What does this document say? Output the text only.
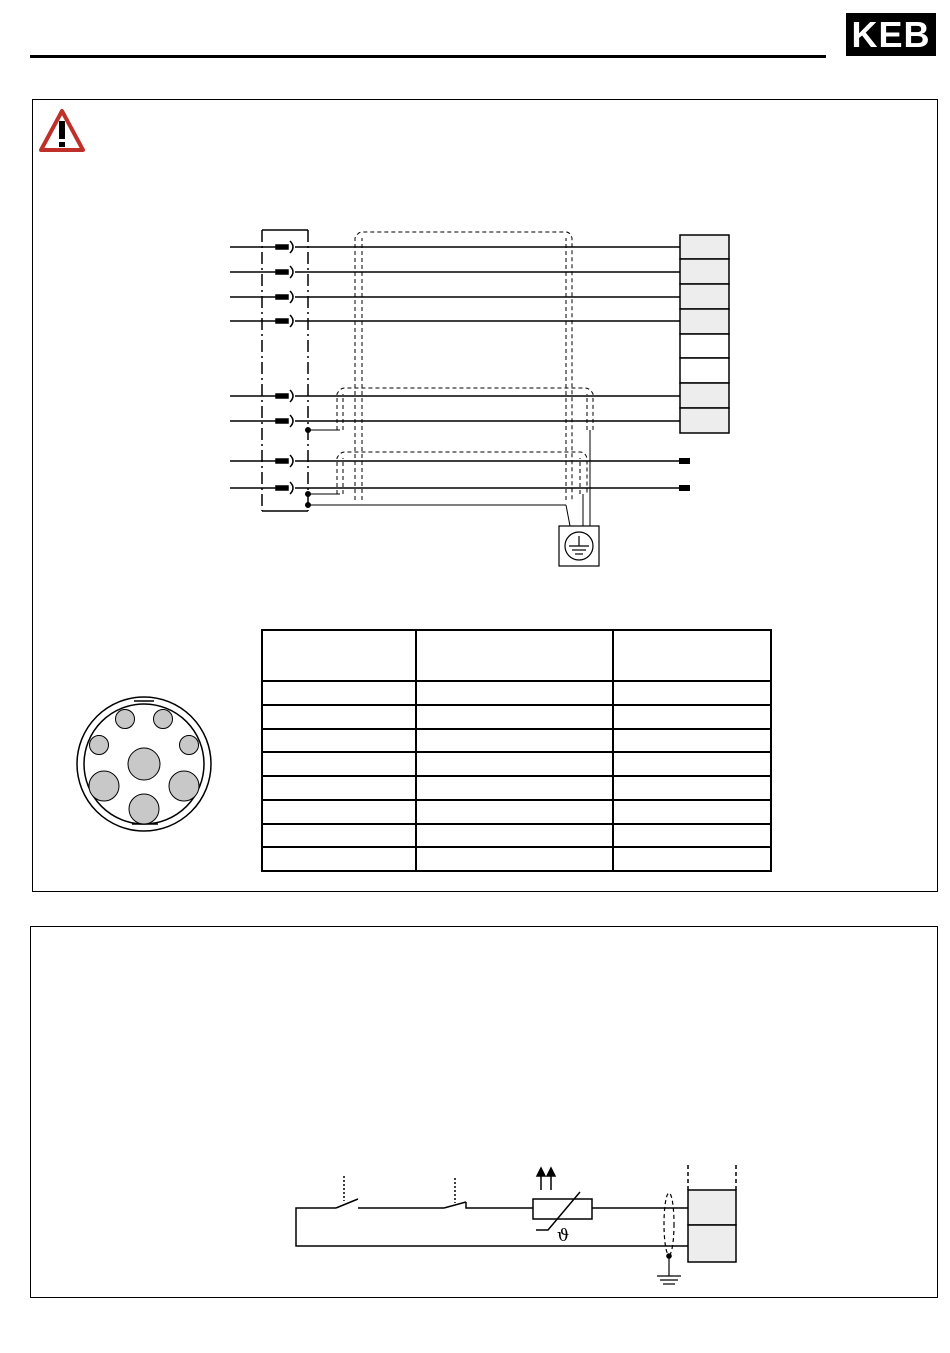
KEB

ϑ
